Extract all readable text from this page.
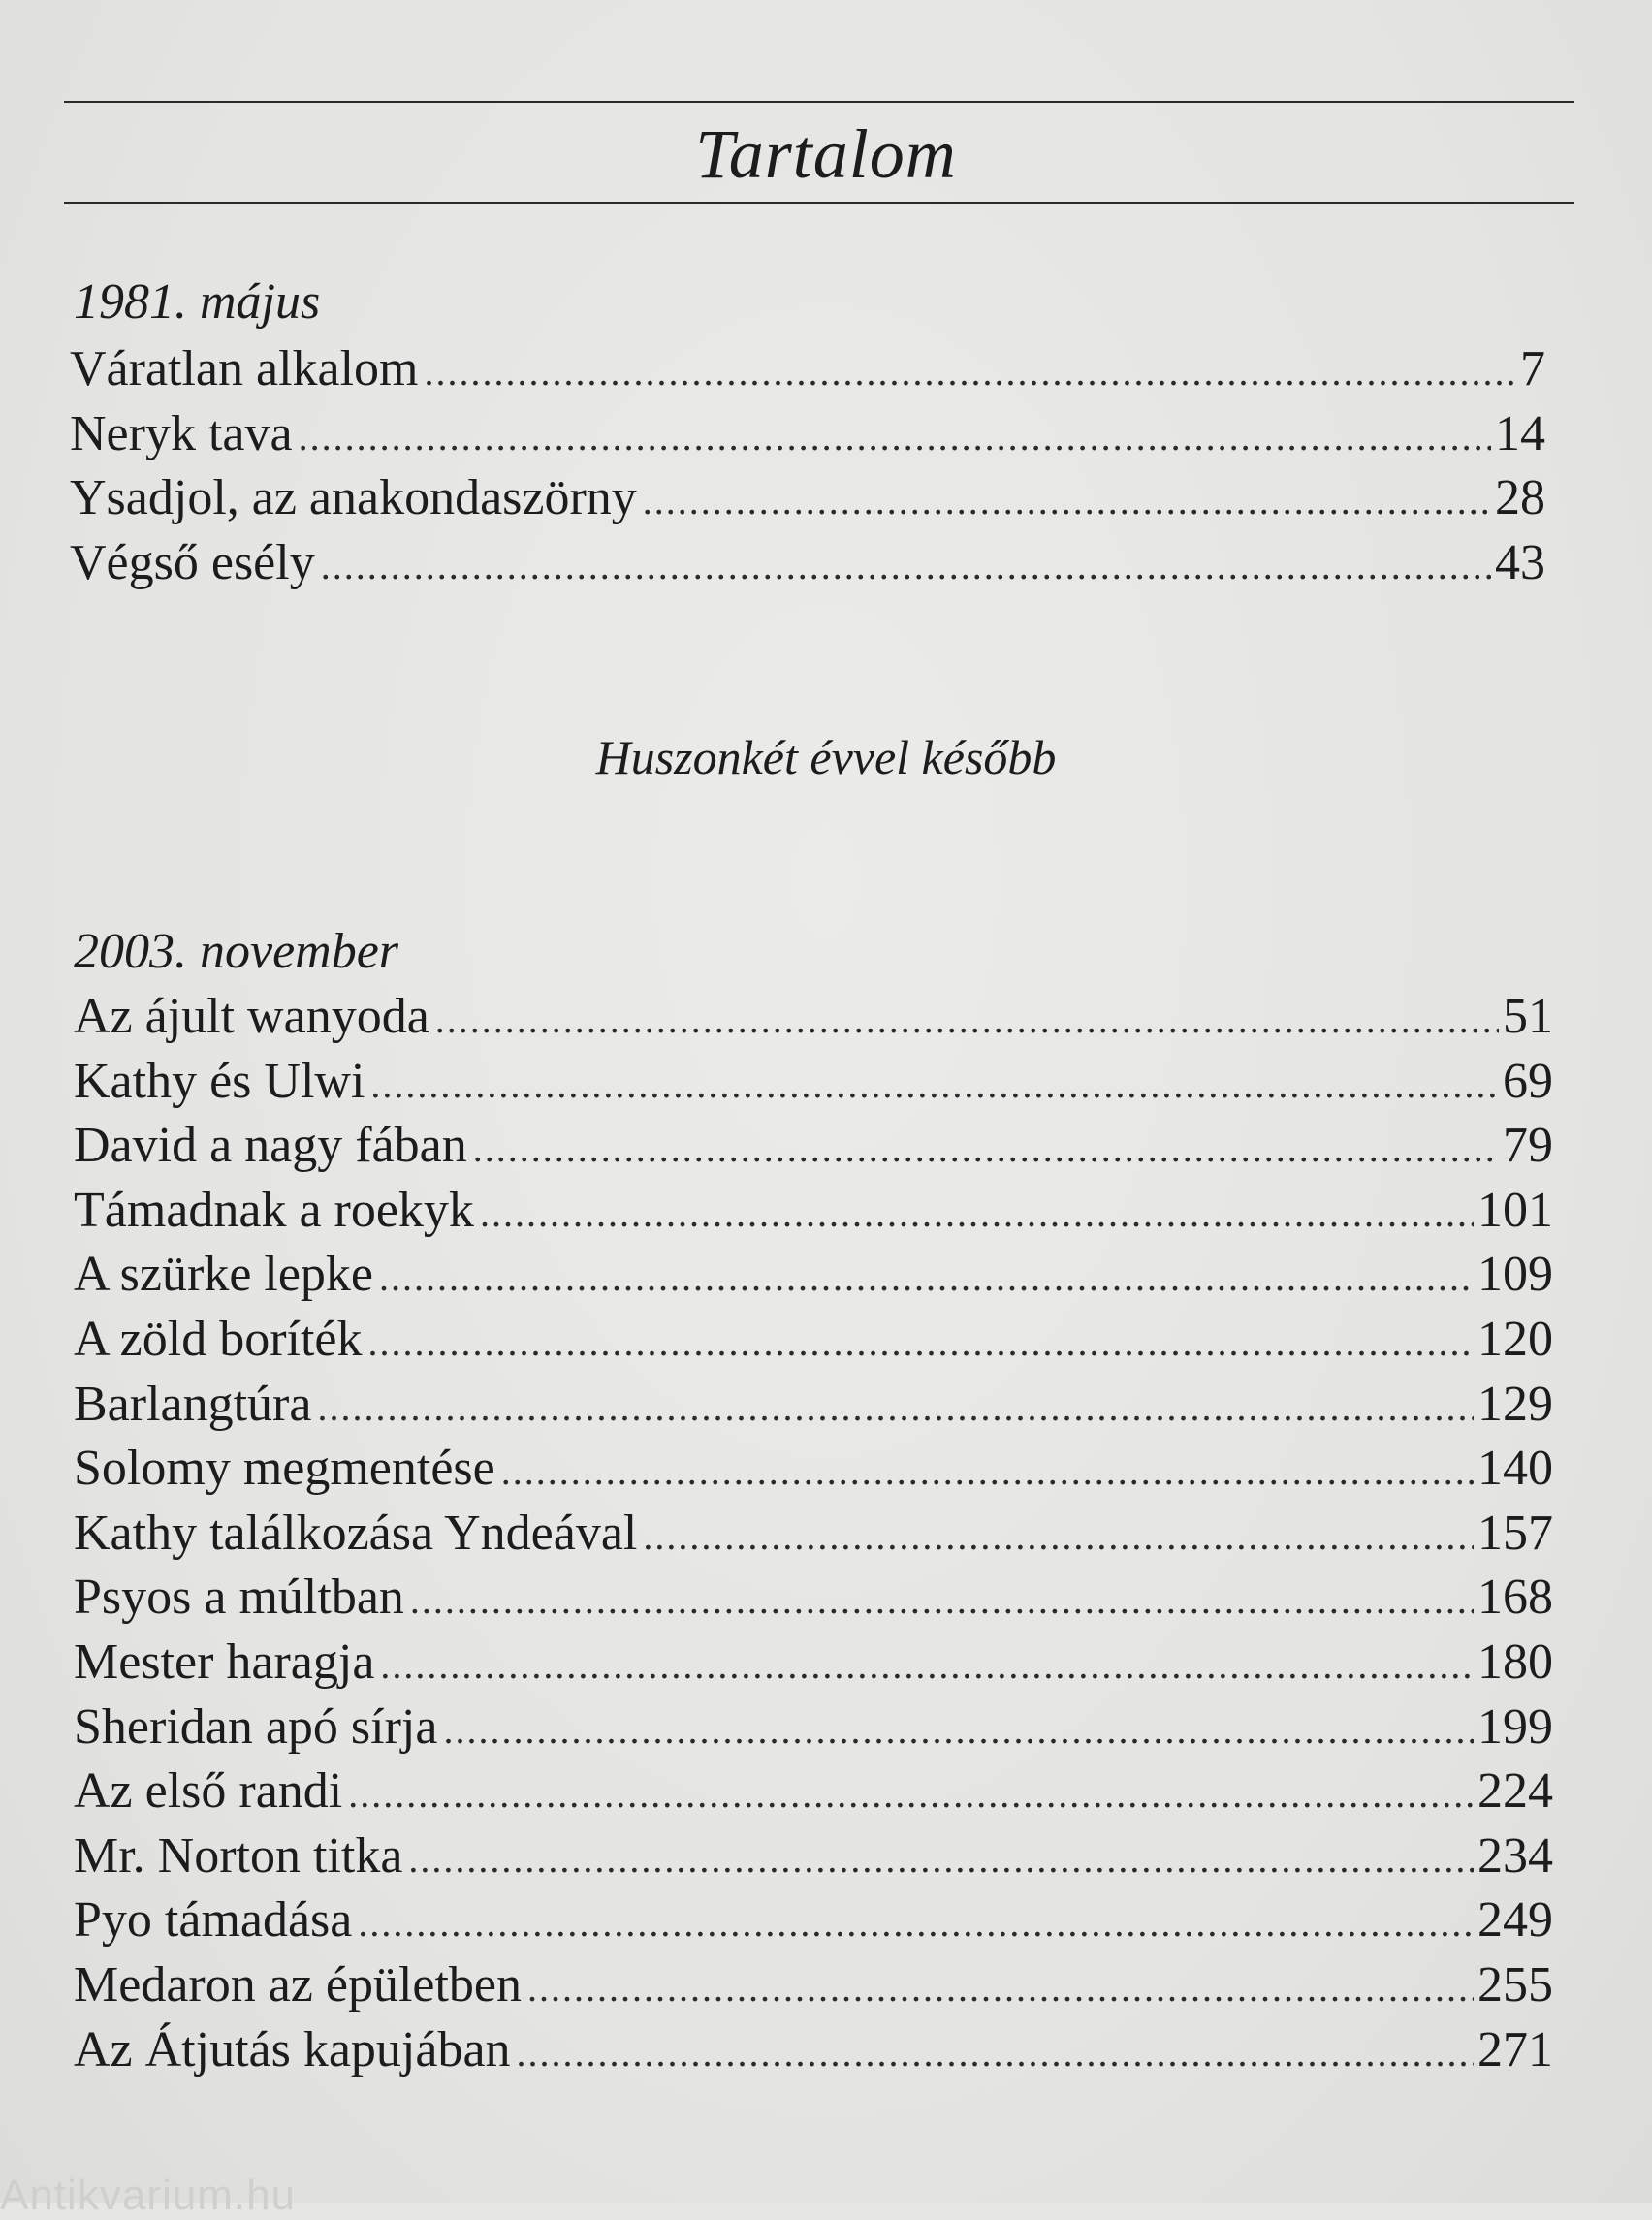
Tartalom
1981. május
Váratlan alkalom .....	7
Neryk tava .....	14
Ysadjol, az anakondaszörny .....	28
Végső esély .....	43
Huszonkét évvel később
2003. november
Az ájult wanyoda .....	51
Kathy és Ulwi .....	69
David a nagy fában .....	79
Támadnak a roekyk .....	101
A szürke lepke .....	109
A zöld boríték .....	120
Barlangtúra .....	129
Solomy megmentése .....	140
Kathy találkozása Yndeával .....	157
Psyos a múltban .....	168
Mester haragja .....	180
Sheridan apó sírja .....	199
Az első randi .....	224
Mr. Norton titka .....	234
Pyo támadása .....	249
Medaron az épületben .....	255
Az Átjutás kapujában .....	271
Antikvarium.hu
